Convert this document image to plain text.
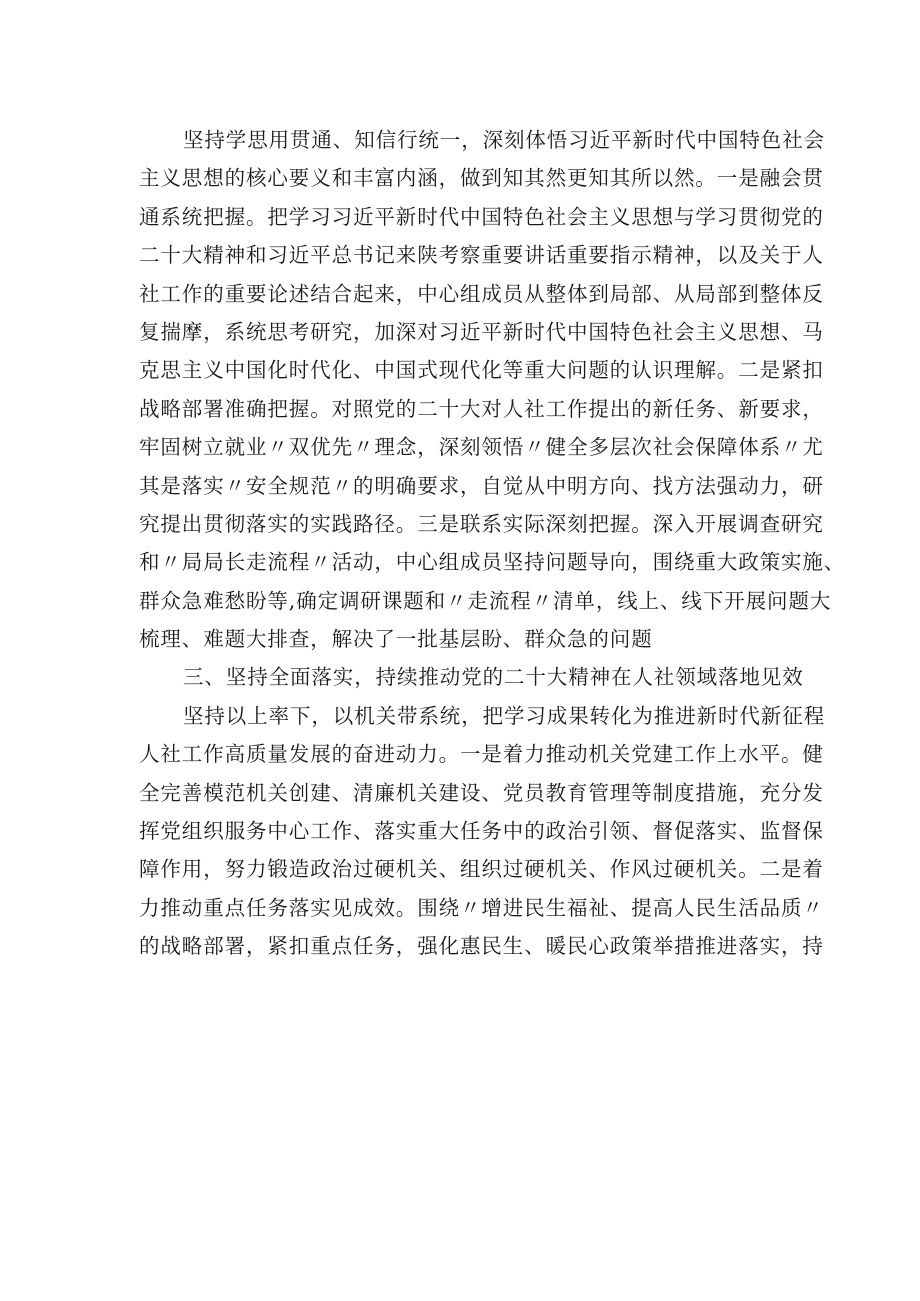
坚持学思用贯通、知信行统一，深刻体悟习近平新时代中国特色社会
主义思想的核心要义和丰富内涵，做到知其然更知其所以然。一是融会贯
通系统把握。把学习习近平新时代中国特色社会主义思想与学习贯彻党的
二十大精神和习近平总书记来陕考察重要讲话重要指示精神，以及关于人
社工作的重要论述结合起来，中心组成员从整体到局部、从局部到整体反
复揣摩，系统思考研究，加深对习近平新时代中国特色社会主义思想、马
克思主义中国化时代化、中国式现代化等重大问题的认识理解。二是紧扣
战略部署准确把握。对照党的二十大对人社工作提出的新任务、新要求，
牢固树立就业〃双优先〃理念，深刻领悟〃健全多层次社会保障体系〃尤
其是落实〃安全规范〃的明确要求，自觉从中明方向、找方法强动力，研
究提出贯彻落实的实践路径。三是联系实际深刻把握。深入开展调查研究
和〃局局长走流程〃活动，中心组成员坚持问题导向，围绕重大政策实施、
群众急难愁盼等,确定调研课题和〃走流程〃清单，线上、线下开展问题大
梳理、难题大排查，解决了一批基层盼、群众急的问题
三、坚持全面落实，持续推动党的二十大精神在人社领域落地见效
坚持以上率下，以机关带系统，把学习成果转化为推进新时代新征程
人社工作高质量发展的奋进动力。一是着力推动机关党建工作上水平。健
全完善模范机关创建、清廉机关建设、党员教育管理等制度措施，充分发
挥党组织服务中心工作、落实重大任务中的政治引领、督促落实、监督保
障作用，努力锻造政治过硬机关、组织过硬机关、作风过硬机关。二是着
力推动重点任务落实见成效。围绕〃增进民生福祉、提高人民生活品质〃
的战略部署，紧扣重点任务，强化惠民生、暖民心政策举措推进落实，持
